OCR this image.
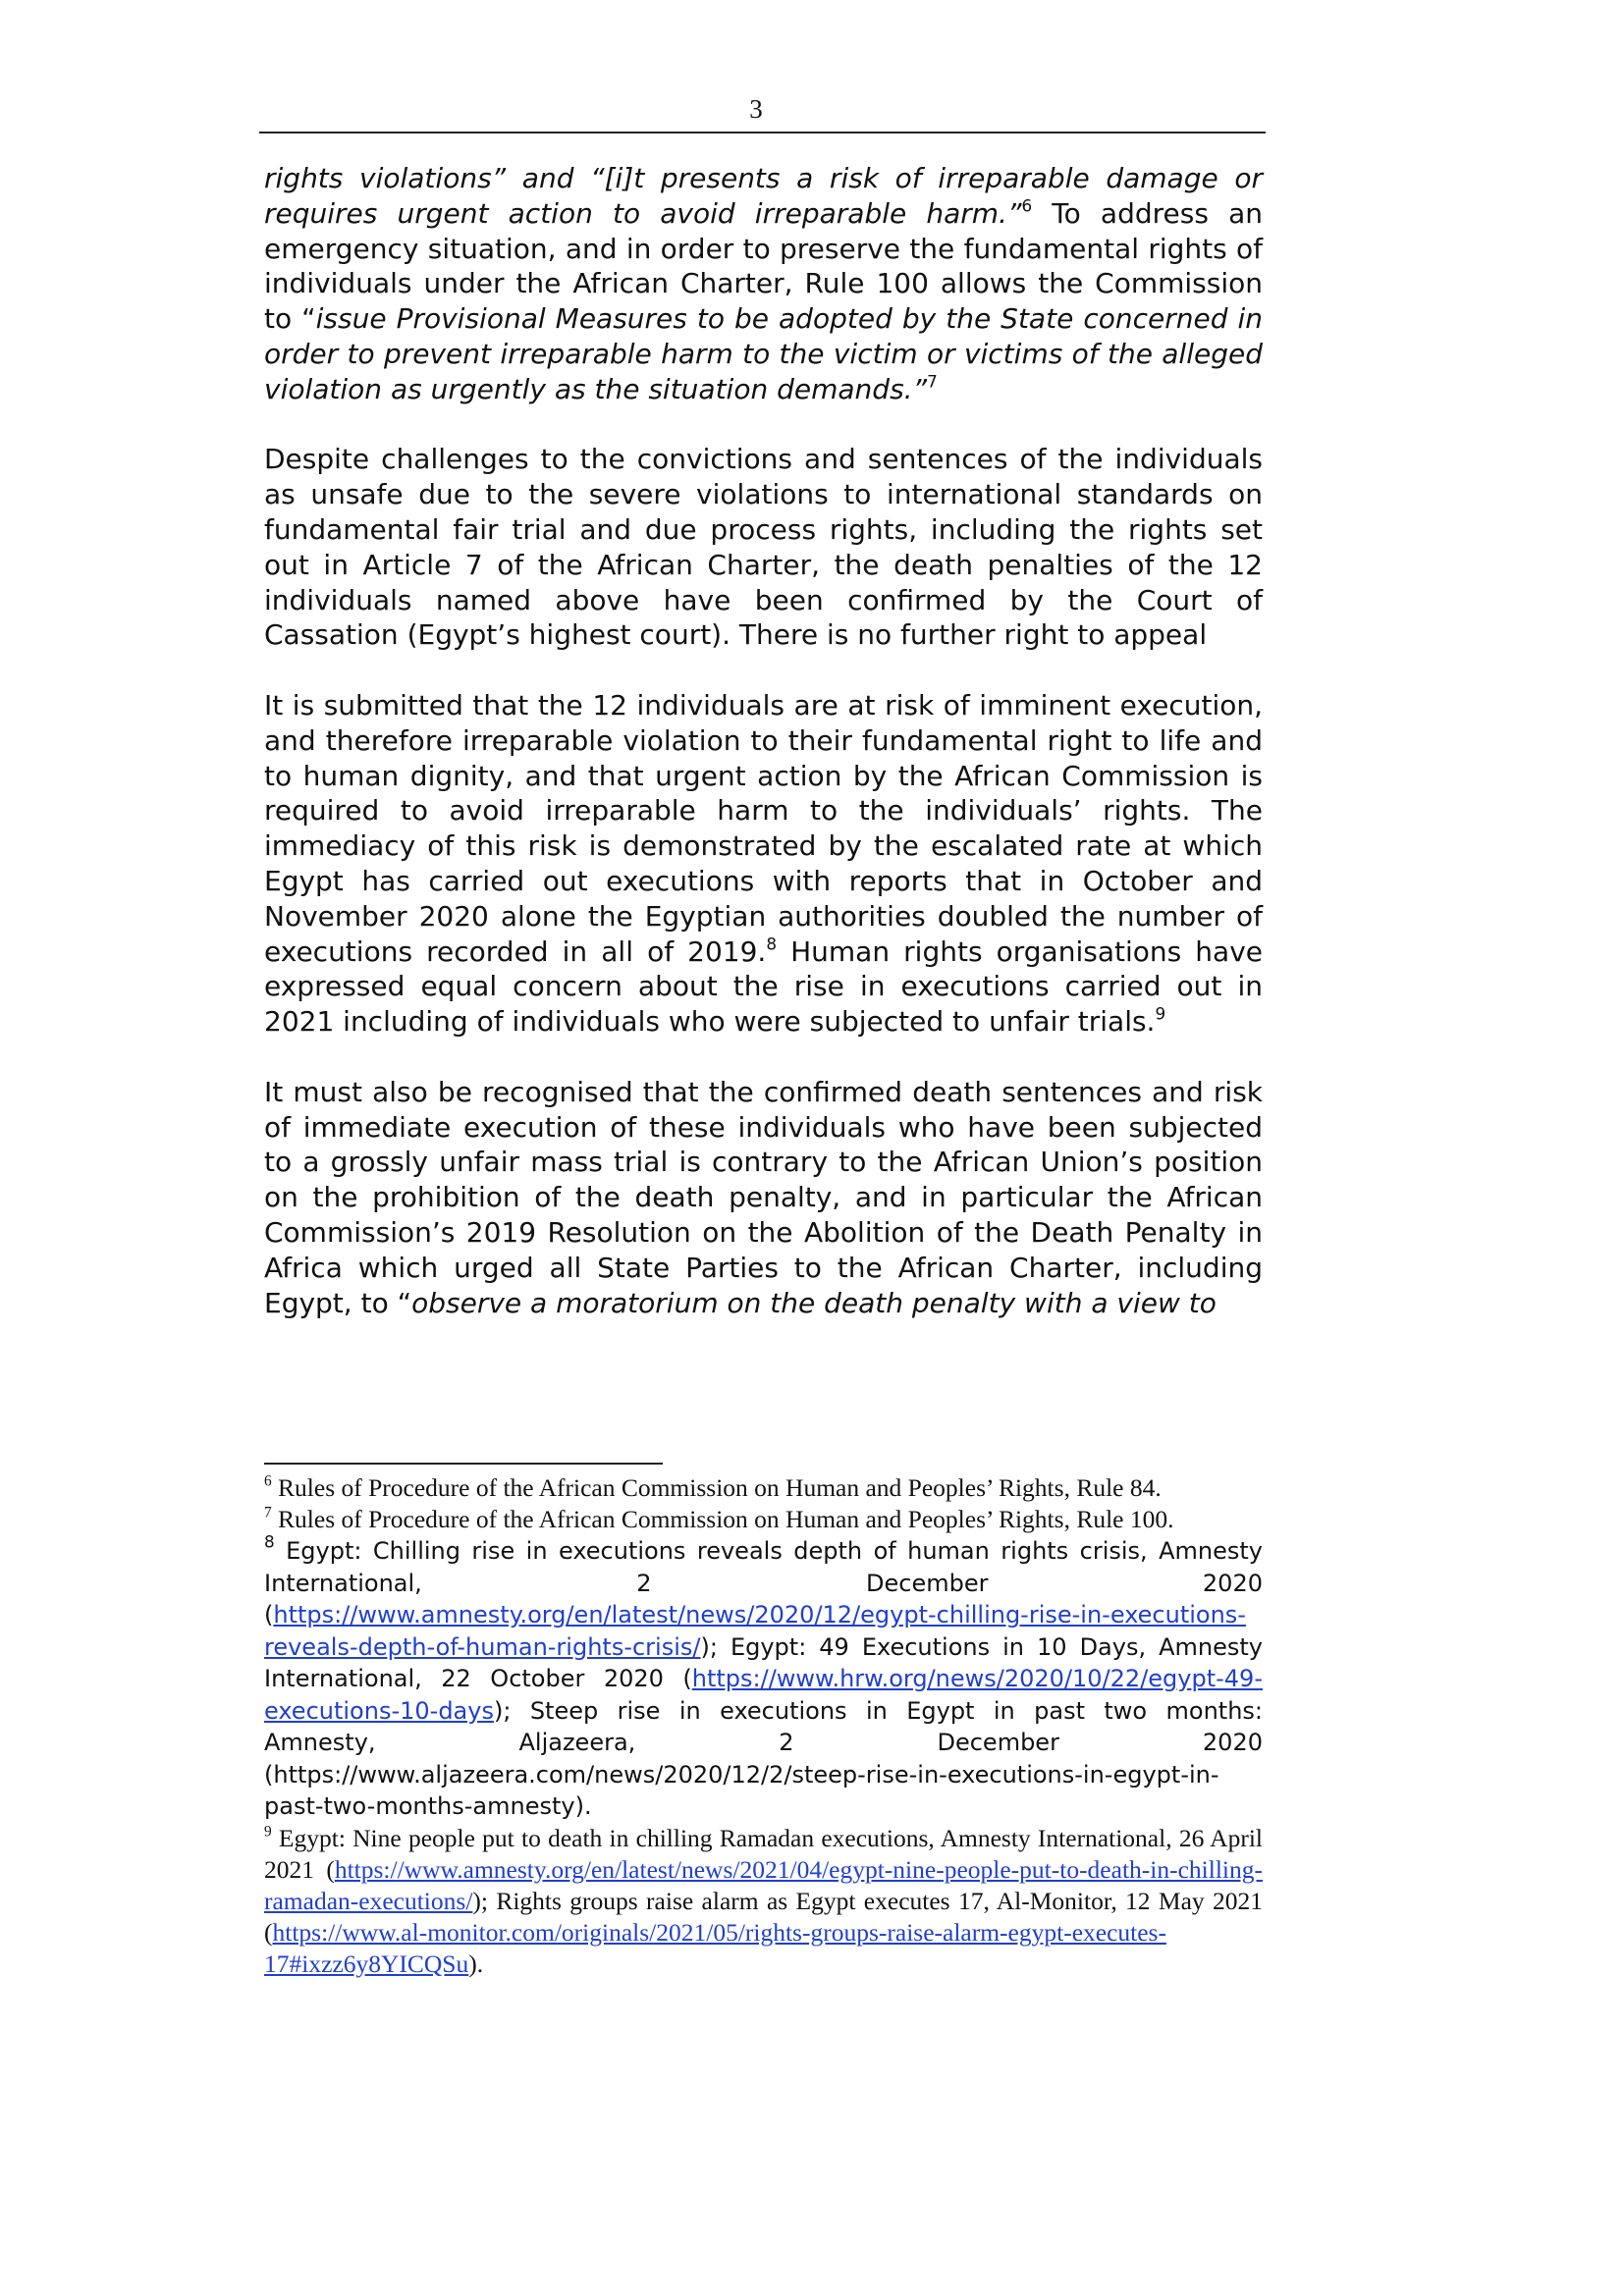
3

rights violations” and “[i]t presents a risk of irreparable damage or requires urgent action to avoid irreparable harm.”$^6$ To address an emergency situation, and in order to preserve the fundamental rights of individuals under the African Charter, Rule 100 allows the Commission to “issue Provisional Measures to be adopted by the State concerned in order to prevent irreparable harm to the victim or victims of the alleged violation as urgently as the situation demands.”$^7$

Despite challenges to the convictions and sentences of the individuals as unsafe due to the severe violations to international standards on fundamental fair trial and due process rights, including the rights set out in Article 7 of the African Charter, the death penalties of the 12 individuals named above have been confirmed by the Court of Cassation (Egypt’s highest court). There is no further right to appeal

It is submitted that the 12 individuals are at risk of imminent execution, and therefore irreparable violation to their fundamental right to life and to human dignity, and that urgent action by the African Commission is required to avoid irreparable harm to the individuals’ rights. The immediacy of this risk is demonstrated by the escalated rate at which Egypt has carried out executions with reports that in October and November 2020 alone the Egyptian authorities doubled the number of executions recorded in all of 2019.$^8$ Human rights organisations have expressed equal concern about the rise in executions carried out in 2021 including of individuals who were subjected to unfair trials.$^9$

It must also be recognised that the confirmed death sentences and risk of immediate execution of these individuals who have been subjected to a grossly unfair mass trial is contrary to the African Union’s position on the prohibition of the death penalty, and in particular the African Commission’s 2019 Resolution on the Abolition of the Death Penalty in Africa which urged all State Parties to the African Charter, including Egypt, to “observe a moratorium on the death penalty with a view to

$^6$ Rules of Procedure of the African Commission on Human and Peoples’ Rights, Rule 84.

$^7$ Rules of Procedure of the African Commission on Human and Peoples’ Rights, Rule 100.

$^8$ Egypt: Chilling rise in executions reveals depth of human rights crisis, Amnesty International, 2 December 2020 (https://www.amnesty.org/en/latest/news/2020/12/egypt-chilling-rise-in-executions-reveals-depth-of-human-rights-crisis/); Egypt: 49 Executions in 10 Days, Amnesty International, 22 October 2020 (https://www.hrw.org/news/2020/10/22/egypt-49-executions-10-days); Steep rise in executions in Egypt in past two months: Amnesty, Aljazeera, 2 December 2020 (https://www.aljazeera.com/news/2020/12/2/steep-rise-in-executions-in-egypt-in-past-two-months-amnesty).

$^9$ Egypt: Nine people put to death in chilling Ramadan executions, Amnesty International, 26 April 2021 (https://www.amnesty.org/en/latest/news/2021/04/egypt-nine-people-put-to-death-in-chilling-ramadan-executions/); Rights groups raise alarm as Egypt executes 17, Al-Monitor, 12 May 2021 (https://www.al-monitor.com/originals/2021/05/rights-groups-raise-alarm-egypt-executes-17#ixzz6y8YICQSu).
